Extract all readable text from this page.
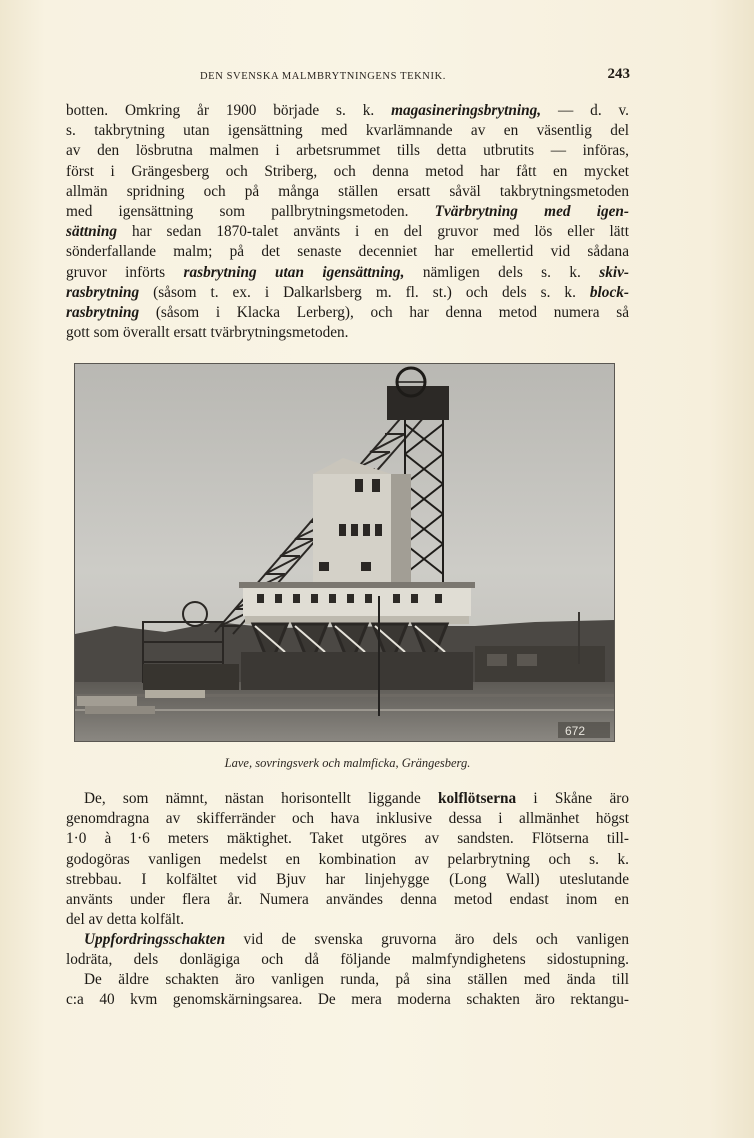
DEN SVENSKA MALMBRYTNINGENS TEKNIK.	243
botten. Omkring år 1900 började s. k. magasineringsbrytning, — d. v.
s. takbrytning utan igensättning med kvarlämnande av en väsentlig del
av den lösbrutna malmen i arbetsrummet tills detta utbrutits — införas,
först i Grängesberg och Striberg, och denna metod har fått en mycket
allmän spridning och på många ställen ersatt såväl takbrytningsmetoden
med igensättning som pallbrytningsmetoden. Tvärbrytning med igen-
sättning har sedan 1870-talet använts i en del gruvor med lös eller lätt
sönderfallande malm; på det senaste decenniet har emellertid vid sådana
gruvor införts rasbrytning utan igensättning, nämligen dels s. k. skiv-
rasbrytning (såsom t. ex. i Dalkarlsberg m. fl. st.) och dels s. k. block-
rasbrytning (såsom i Klacka Lerberg), och har denna metod numera så
gott som överallt ersatt tvärbrytningsmetoden.
672
Lave, sovringsverk och malmficka, Grängesberg.
De, som nämnt, nästan horisontellt liggande kolflötserna i Skåne äro
genomdragna av skifferränder och hava inklusive dessa i allmänhet högst
1·0 à 1·6 meters mäktighet. Taket utgöres av sandsten. Flötserna till-
godogöras vanligen medelst en kombination av pelarbrytning och s. k.
strebbau. I kolfältet vid Bjuv har linjehygge (Long Wall) uteslutande
använts under flera år. Numera användes denna metod endast inom en
del av detta kolfält.
Uppfordringsschakten vid de svenska gruvorna äro dels och vanligen
lodräta, dels donlägiga och då följande malmfyndighetens sidostupning.
De äldre schakten äro vanligen runda, på sina ställen med ända till
c:a 40 kvm genomskärningsarea. De mera moderna schakten äro rektangu-
